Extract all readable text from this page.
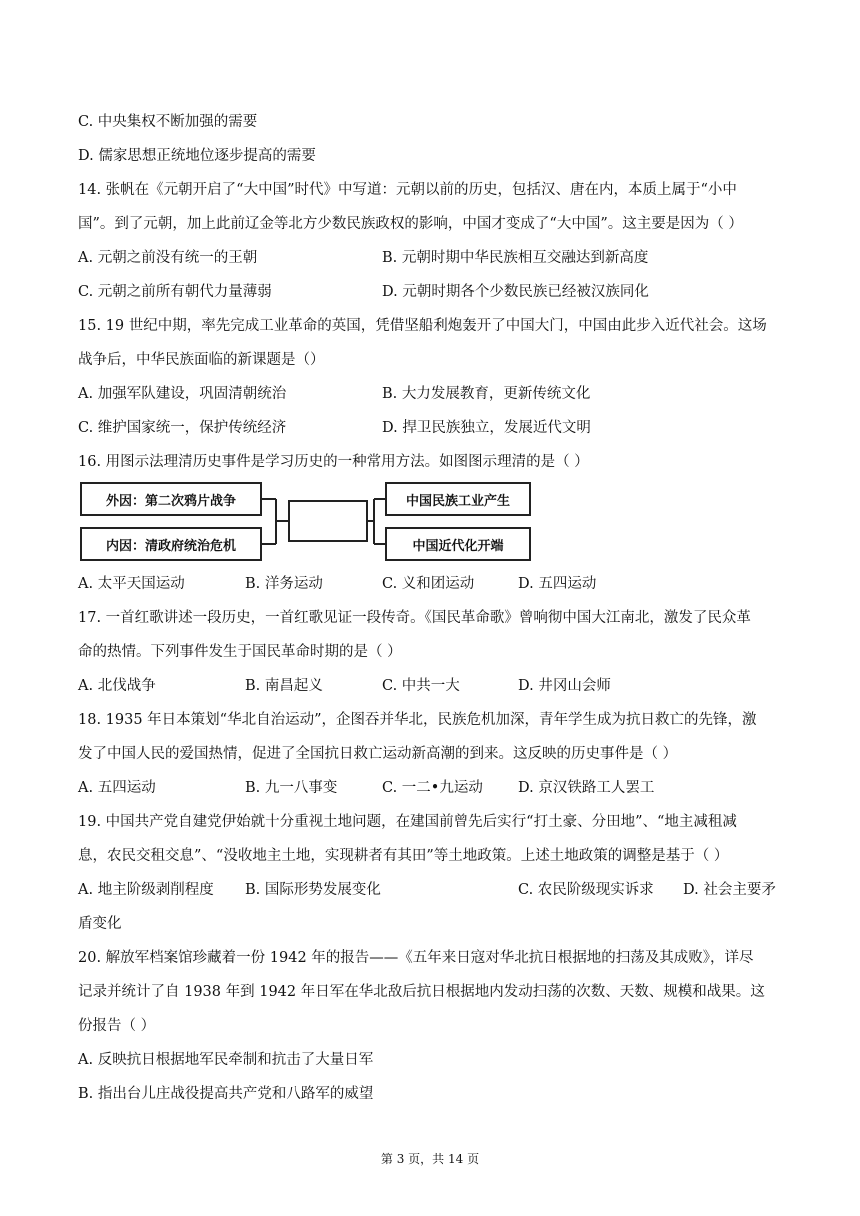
C. 中央集权不断加强的需要
D. 儒家思想正统地位逐步提高的需要
14. 张帆在《元朝开启了“大中国”时代》中写道：元朝以前的历史，包括汉、唐在内，本质上属于“小中
国”。到了元朝，加上此前辽金等北方少数民族政权的影响，中国才变成了“大中国”。这主要是因为（ ）
A. 元朝之前没有统一的王朝	B. 元朝时期中华民族相互交融达到新高度
C. 元朝之前所有朝代力量薄弱	D. 元朝时期各个少数民族已经被汉族同化
15. 19 世纪中期，率先完成工业革命的英国，凭借坚船利炮轰开了中国大门，中国由此步入近代社会。这场
战争后，中华民族面临的新课题是（）
A. 加强军队建设，巩固清朝统治	B. 大力发展教育，更新传统文化
C. 维护国家统一，保护传统经济	D. 捍卫民族独立，发展近代文明
16. 用图示法理清历史事件是学习历史的一种常用方法。如图图示理清的是（ ）
外因：第二次鸦片战争
内因：清政府统治危机
中国民族工业产生
中国近代化开端
A. 太平天国运动	B. 洋务运动	C. 义和团运动	D. 五四运动
17. 一首红歌讲述一段历史，一首红歌见证一段传奇。《国民革命歌》曾响彻中国大江南北，激发了民众革
命的热情。下列事件发生于国民革命时期的是（ ）
A. 北伐战争	B. 南昌起义	C. 中共一大	D. 井冈山会师
18. 1935 年日本策划“华北自治运动”，企图吞并华北，民族危机加深，青年学生成为抗日救亡的先锋，激
发了中国人民的爱国热情，促进了全国抗日救亡运动新高潮的到来。这反映的历史事件是（ ）
A. 五四运动	B. 九一八事变	C. 一二•九运动 D. 京汉铁路工人罢工
19. 中国共产党自建党伊始就十分重视土地问题，在建国前曾先后实行“打土豪、分田地”、“地主减租减
息，农民交租交息”、“没收地主土地，实现耕者有其田”等土地政策。上述土地政策的调整是基于（ ）
A. 地主阶级剥削程度 B. 国际形势发展变化	C. 农民阶级现实诉求 D. 社会主要矛
盾变化
20. 解放军档案馆珍藏着一份 1942 年的报告——《五年来日寇对华北抗日根据地的扫荡及其成败》，详尽
记录并统计了自 1938 年到 1942 年日军在华北敌后抗日根据地内发动扫荡的次数、天数、规模和战果。这
份报告（ ）
A. 反映抗日根据地军民牵制和抗击了大量日军
B. 指出台儿庄战役提高共产党和八路军的威望
第 3 页，共 14 页
